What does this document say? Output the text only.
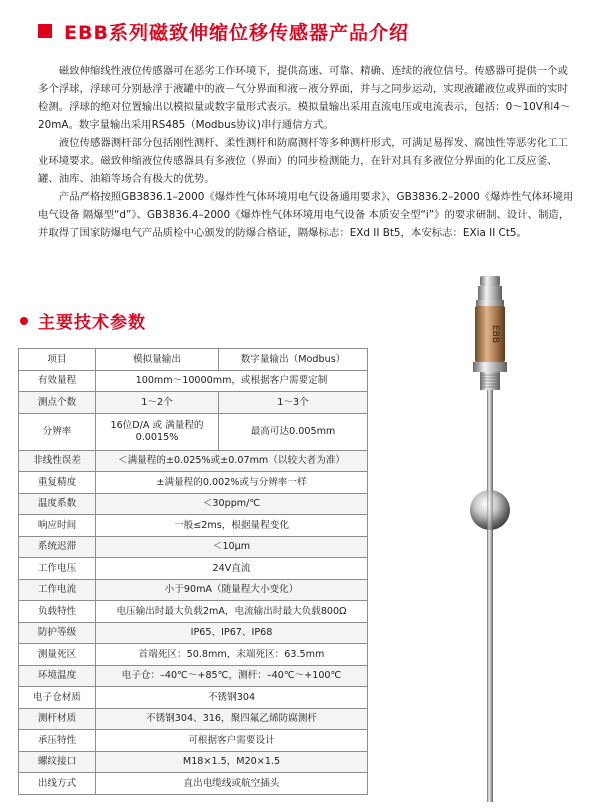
EBB系列磁致伸缩位移传感器产品介绍

磁致伸缩线性液位传感器可在恶劣工作环境下，提供高速、可靠、精确、连续的液位信号。传感器可提供一个或多个浮球，浮球可分别悬浮于液罐中的液－气分界面和液－液分界面，并与之同步运动，实现液罐液位或界面的实时检测。浮球的绝对位置输出以模拟量或数字量形式表示。模拟量输出采用直流电压或电流表示，包括：0～10V和4～20mA。数字量输出采用RS485（Modbus协议)串行通信方式。

液位传感器测杆部分包括刚性测杆、柔性测杆和防腐测杆等多种测杆形式，可满足易挥发、腐蚀性等恶劣化工工业环境要求。磁致伸缩液位传感器具有多液位（界面）的同步检测能力，在针对具有多液位分界面的化工反应釜、罐、油库、油箱等场合有极大的优势。

产品严格按照GB3836.1–2000《爆炸性气体环境用电气设备通用要求》、GB3836.2–2000《爆炸性气体环境用电气设备 隔爆型“d”》、GB3836.4–2000《爆炸性气体环境用电气设备 本质安全型“i”》的要求研制、设计、制造，并取得了国家防爆电气产品质检中心颁发的防爆合格证，隔爆标志：EXd II Bt5，本安标志：EXia II Ct5。

主要技术参数
项目	模拟量输出	数字量输出（Modbus）
有效量程	100mm～10000mm，或根据客户需要定制	
测点个数	1～2个	1～3个
分辨率	16位D/A 或 满量程的0.0015%	最高可达0.005mm
非线性误差	＜满量程的±0.025%或±0.07mm（以较大者为准）	
重复精度	±满量程的0.002%或与分辨率一样	
温度系数	＜30ppm/℃	
响应时间	一般≤2ms，根据量程变化	
系统迟滞	＜10μm	
工作电压	24V直流	
工作电流	小于90mA（随量程大小变化）	
负载特性	电压输出时最大负载2mA，电流输出时最大负载800Ω	
防护等级	IP65、IP67、IP68	
测量死区	首端死区：50.8mm，末端死区：63.5mm	
环境温度	电子仓：–40℃～+85℃，测杆：–40℃～+100℃	
电子仓材质	不锈钢304	
测杆材质	不锈钢304、316，聚四氟乙烯防腐测杆	
承压特性	可根据客户需要设计	
螺纹接口	M18×1.5，M20×1.5	
出线方式	直出电缆线或航空插头	
EBB
